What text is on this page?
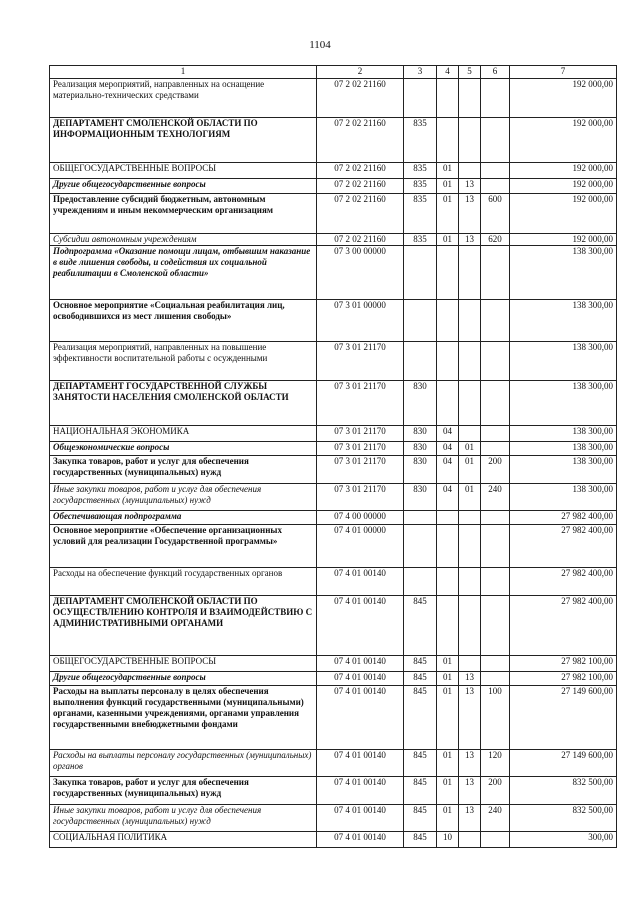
1104
1	2	3	4	5	6	7
Реализация мероприятий, направленных на оснащение материально-технических средствами	07 2 02 21160					192 000,00
ДЕПАРТАМЕНТ СМОЛЕНСКОЙ ОБЛАСТИ ПО ИНФОРМАЦИОННЫМ ТЕХНОЛОГИЯМ	07 2 02 21160	835				192 000,00
ОБЩЕГОСУДАРСТВЕННЫЕ ВОПРОСЫ	07 2 02 21160	835	01			192 000,00
Другие общегосударственные вопросы	07 2 02 21160	835	01	13		192 000,00
Предоставление субсидий бюджетным, автономным учреждениям и иным некоммерческим организациям	07 2 02 21160	835	01	13	600	192 000,00
Субсидии автономным учреждениям	07 2 02 21160	835	01	13	620	192 000,00
Подпрограмма «Оказание помощи лицам, отбывшим наказание в виде лишения свободы, и содействия их социальной реабилитации в Смоленской области»	07 3 00 00000					138 300,00
Основное мероприятие «Социальная реабилитация лиц, освободившихся из мест лишения свободы»	07 3 01 00000					138 300,00
Реализация мероприятий, направленных на повышение эффективности воспитательной работы с осужденными	07 3 01 21170					138 300,00
ДЕПАРТАМЕНТ ГОСУДАРСТВЕННОЙ СЛУЖБЫ ЗАНЯТОСТИ НАСЕЛЕНИЯ СМОЛЕНСКОЙ ОБЛАСТИ	07 3 01 21170	830				138 300,00
НАЦИОНАЛЬНАЯ ЭКОНОМИКА	07 3 01 21170	830	04			138 300,00
Общеэкономические вопросы	07 3 01 21170	830	04	01		138 300,00
Закупка товаров, работ и услуг для обеспечения государственных (муниципальных) нужд	07 3 01 21170	830	04	01	200	138 300,00
Иные закупки товаров, работ и услуг для обеспечения государственных (муниципальных) нужд	07 3 01 21170	830	04	01	240	138 300,00
Обеспечивающая подпрограмма	07 4 00 00000					27 982 400,00
Основное мероприятие «Обеспечение организационных условий для реализации Государственной программы»	07 4 01 00000					27 982 400,00
Расходы на обеспечение функций государственных органов	07 4 01 00140					27 982 400,00
ДЕПАРТАМЕНТ СМОЛЕНСКОЙ ОБЛАСТИ ПО ОСУЩЕСТВЛЕНИЮ КОНТРОЛЯ И ВЗАИМОДЕЙСТВИЮ С АДМИНИСТРАТИВНЫМИ ОРГАНАМИ	07 4 01 00140	845				27 982 400,00
ОБЩЕГОСУДАРСТВЕННЫЕ ВОПРОСЫ	07 4 01 00140	845	01			27 982 100,00
Другие общегосударственные вопросы	07 4 01 00140	845	01	13		27 982 100,00
Расходы на выплаты персоналу в целях обеспечения выполнения функций государственными (муниципальными) органами, казенными учреждениями, органами управления государственными внебюджетными фондами	07 4 01 00140	845	01	13	100	27 149 600,00
Расходы на выплаты персоналу государственных (муниципальных) органов	07 4 01 00140	845	01	13	120	27 149 600,00
Закупка товаров, работ и услуг для обеспечения государственных (муниципальных) нужд	07 4 01 00140	845	01	13	200	832 500,00
Иные закупки товаров, работ и услуг для обеспечения государственных (муниципальных) нужд	07 4 01 00140	845	01	13	240	832 500,00
СОЦИАЛЬНАЯ ПОЛИТИКА	07 4 01 00140	845	10			300,00
